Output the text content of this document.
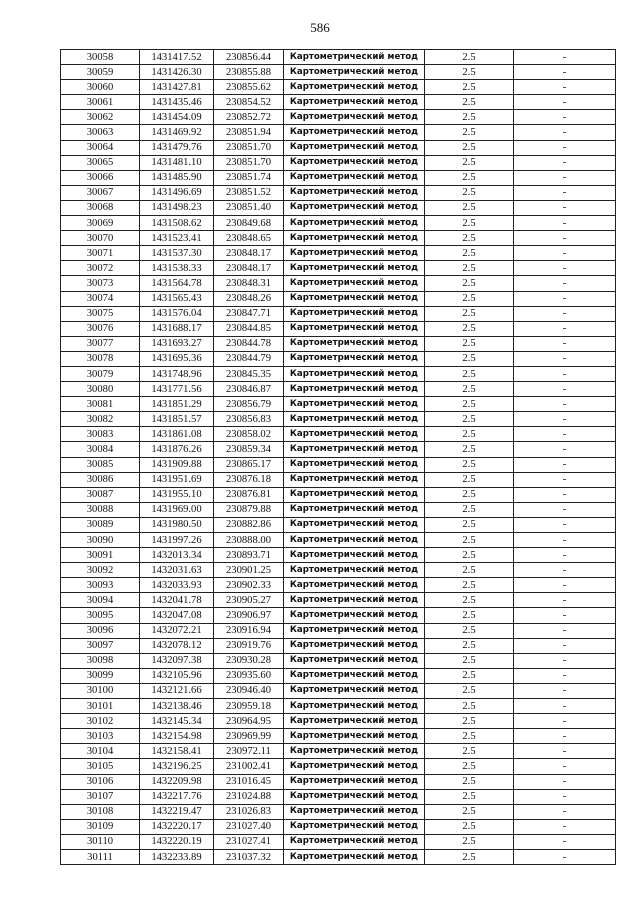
586
30058	1431417.52	230856.44	Картометрический метод	2.5	-
30059	1431426.30	230855.88	Картометрический метод	2.5	-
30060	1431427.81	230855.62	Картометрический метод	2.5	-
30061	1431435.46	230854.52	Картометрический метод	2.5	-
30062	1431454.09	230852.72	Картометрический метод	2.5	-
30063	1431469.92	230851.94	Картометрический метод	2.5	-
30064	1431479.76	230851.70	Картометрический метод	2.5	-
30065	1431481.10	230851.70	Картометрический метод	2.5	-
30066	1431485.90	230851.74	Картометрический метод	2.5	-
30067	1431496.69	230851.52	Картометрический метод	2.5	-
30068	1431498.23	230851.40	Картометрический метод	2.5	-
30069	1431508.62	230849.68	Картометрический метод	2.5	-
30070	1431523.41	230848.65	Картометрический метод	2.5	-
30071	1431537.30	230848.17	Картометрический метод	2.5	-
30072	1431538.33	230848.17	Картометрический метод	2.5	-
30073	1431564.78	230848.31	Картометрический метод	2.5	-
30074	1431565.43	230848.26	Картометрический метод	2.5	-
30075	1431576.04	230847.71	Картометрический метод	2.5	-
30076	1431688.17	230844.85	Картометрический метод	2.5	-
30077	1431693.27	230844.78	Картометрический метод	2.5	-
30078	1431695.36	230844.79	Картометрический метод	2.5	-
30079	1431748.96	230845.35	Картометрический метод	2.5	-
30080	1431771.56	230846.87	Картометрический метод	2.5	-
30081	1431851.29	230856.79	Картометрический метод	2.5	-
30082	1431851.57	230856.83	Картометрический метод	2.5	-
30083	1431861.08	230858.02	Картометрический метод	2.5	-
30084	1431876.26	230859.34	Картометрический метод	2.5	-
30085	1431909.88	230865.17	Картометрический метод	2.5	-
30086	1431951.69	230876.18	Картометрический метод	2.5	-
30087	1431955.10	230876.81	Картометрический метод	2.5	-
30088	1431969.00	230879.88	Картометрический метод	2.5	-
30089	1431980.50	230882.86	Картометрический метод	2.5	-
30090	1431997.26	230888.00	Картометрический метод	2.5	-
30091	1432013.34	230893.71	Картометрический метод	2.5	-
30092	1432031.63	230901.25	Картометрический метод	2.5	-
30093	1432033.93	230902.33	Картометрический метод	2.5	-
30094	1432041.78	230905.27	Картометрический метод	2.5	-
30095	1432047.08	230906.97	Картометрический метод	2.5	-
30096	1432072.21	230916.94	Картометрический метод	2.5	-
30097	1432078.12	230919.76	Картометрический метод	2.5	-
30098	1432097.38	230930.28	Картометрический метод	2.5	-
30099	1432105.96	230935.60	Картометрический метод	2.5	-
30100	1432121.66	230946.40	Картометрический метод	2.5	-
30101	1432138.46	230959.18	Картометрический метод	2.5	-
30102	1432145.34	230964.95	Картометрический метод	2.5	-
30103	1432154.98	230969.99	Картометрический метод	2.5	-
30104	1432158.41	230972.11	Картометрический метод	2.5	-
30105	1432196.25	231002.41	Картометрический метод	2.5	-
30106	1432209.98	231016.45	Картометрический метод	2.5	-
30107	1432217.76	231024.88	Картометрический метод	2.5	-
30108	1432219.47	231026.83	Картометрический метод	2.5	-
30109	1432220.17	231027.40	Картометрический метод	2.5	-
30110	1432220.19	231027.41	Картометрический метод	2.5	-
30111	1432233.89	231037.32	Картометрический метод	2.5	-
